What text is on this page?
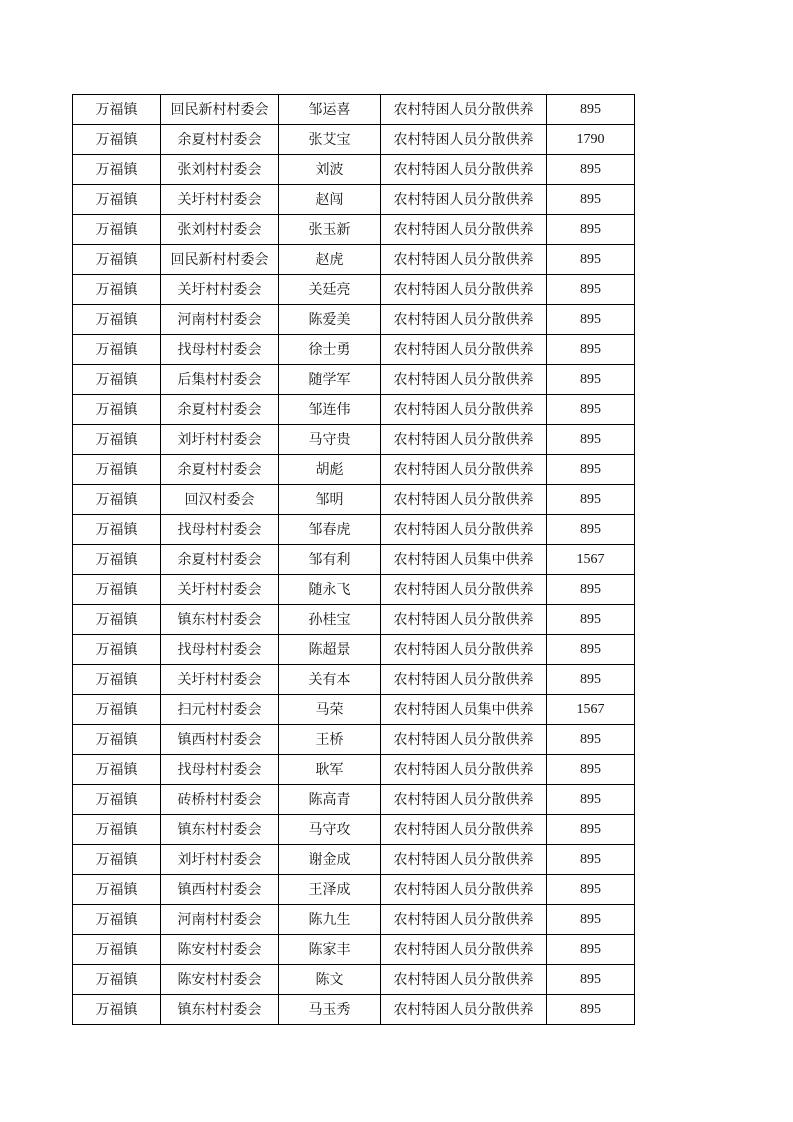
万福镇	回民新村村委会	邹运喜	农村特困人员分散供养	895
万福镇	余夏村村委会	张艾宝	农村特困人员分散供养	1790
万福镇	张刘村村委会	刘波	农村特困人员分散供养	895
万福镇	关圩村村委会	赵闯	农村特困人员分散供养	895
万福镇	张刘村村委会	张玉新	农村特困人员分散供养	895
万福镇	回民新村村委会	赵虎	农村特困人员分散供养	895
万福镇	关圩村村委会	关廷亮	农村特困人员分散供养	895
万福镇	河南村村委会	陈爱美	农村特困人员分散供养	895
万福镇	找母村村委会	徐士勇	农村特困人员分散供养	895
万福镇	后集村村委会	随学军	农村特困人员分散供养	895
万福镇	余夏村村委会	邹连伟	农村特困人员分散供养	895
万福镇	刘圩村村委会	马守贵	农村特困人员分散供养	895
万福镇	余夏村村委会	胡彪	农村特困人员分散供养	895
万福镇	回汉村委会	邹明	农村特困人员分散供养	895
万福镇	找母村村委会	邹春虎	农村特困人员分散供养	895
万福镇	余夏村村委会	邹有利	农村特困人员集中供养	1567
万福镇	关圩村村委会	随永飞	农村特困人员分散供养	895
万福镇	镇东村村委会	孙桂宝	农村特困人员分散供养	895
万福镇	找母村村委会	陈超景	农村特困人员分散供养	895
万福镇	关圩村村委会	关有本	农村特困人员分散供养	895
万福镇	扫元村村委会	马荣	农村特困人员集中供养	1567
万福镇	镇西村村委会	王桥	农村特困人员分散供养	895
万福镇	找母村村委会	耿军	农村特困人员分散供养	895
万福镇	砖桥村村委会	陈高青	农村特困人员分散供养	895
万福镇	镇东村村委会	马守攻	农村特困人员分散供养	895
万福镇	刘圩村村委会	谢金成	农村特困人员分散供养	895
万福镇	镇西村村委会	王泽成	农村特困人员分散供养	895
万福镇	河南村村委会	陈九生	农村特困人员分散供养	895
万福镇	陈安村村委会	陈家丰	农村特困人员分散供养	895
万福镇	陈安村村委会	陈文	农村特困人员分散供养	895
万福镇	镇东村村委会	马玉秀	农村特困人员分散供养	895
